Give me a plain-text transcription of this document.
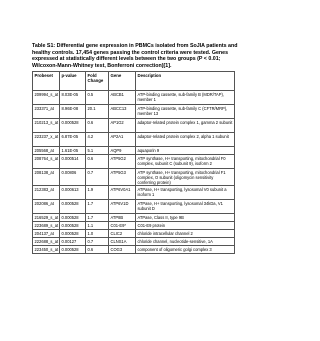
Table S1: Differential gene expression in PBMCs isolated from SoJIA patients and healthy controls. 17,454 genes passing the control criteria were tested. Genes expressed at statistically different levels between the two groups (P < 0.01; Wilcoxon-Mann-Whitney test, Bonferroni correction)[1].
Probeset	p-value	Fold Change	Gene	Description
209994_s_at	8.03E-05	0.5	ABCB1	ATP-binding cassette, sub-family B (MDR/TAP), member 1
233371_at	8.96E-08	20.1	ABCC13	ATP-binding cassette, sub-family C (CFTR/MRP), member 13
210213_s_at	0.000528	0.6	AP1G2	adaptor-related protein complex 1, gamma 2 subunit
223237_x_at	6.87E-05	4.2	AP2A1	adaptor-related protein complex 2, alpha 1 subunit
205568_at	1.61E-05	5.1	AQP9	aquaporin 9
208764_s_at	0.000514	0.6	ATP5G2	ATP synthase, H+ transporting, mitochondrial F0 complex, subunit C (subunit 9), isoform 2
208138_at	0.00806	0.7	ATP5G3	ATP synthase, H+ transporting, mitochondrial F1 complex, O subunit (oligomycin sensitivity conferring protein)
212383_at	0.000613	1.9	ATP6V0A1	ATPase, H+ transporting, lysosomal V0 subunit a isoform 1
202086_at	0.000528	1.7	ATP6V1D	ATPase, H+ transporting, lysosomal 34kDa, V1 subunit D
216529_s_at	0.000528	1.7	ATP8B	ATPase, Class II, type 9B
223689_s_at	0.000528	1.1	C01-E9*	C01-E9 protein
204137_at	0.000528	1.0	CLIC2	chloride intracellular channel 2
222688_s_at	0.00127	0.7	CLNS1A	chloride channel, nucleotide-sensitive, 1A
223450_s_at	0.000528	0.6	COG3	component of oligomeric golgi complex 3
